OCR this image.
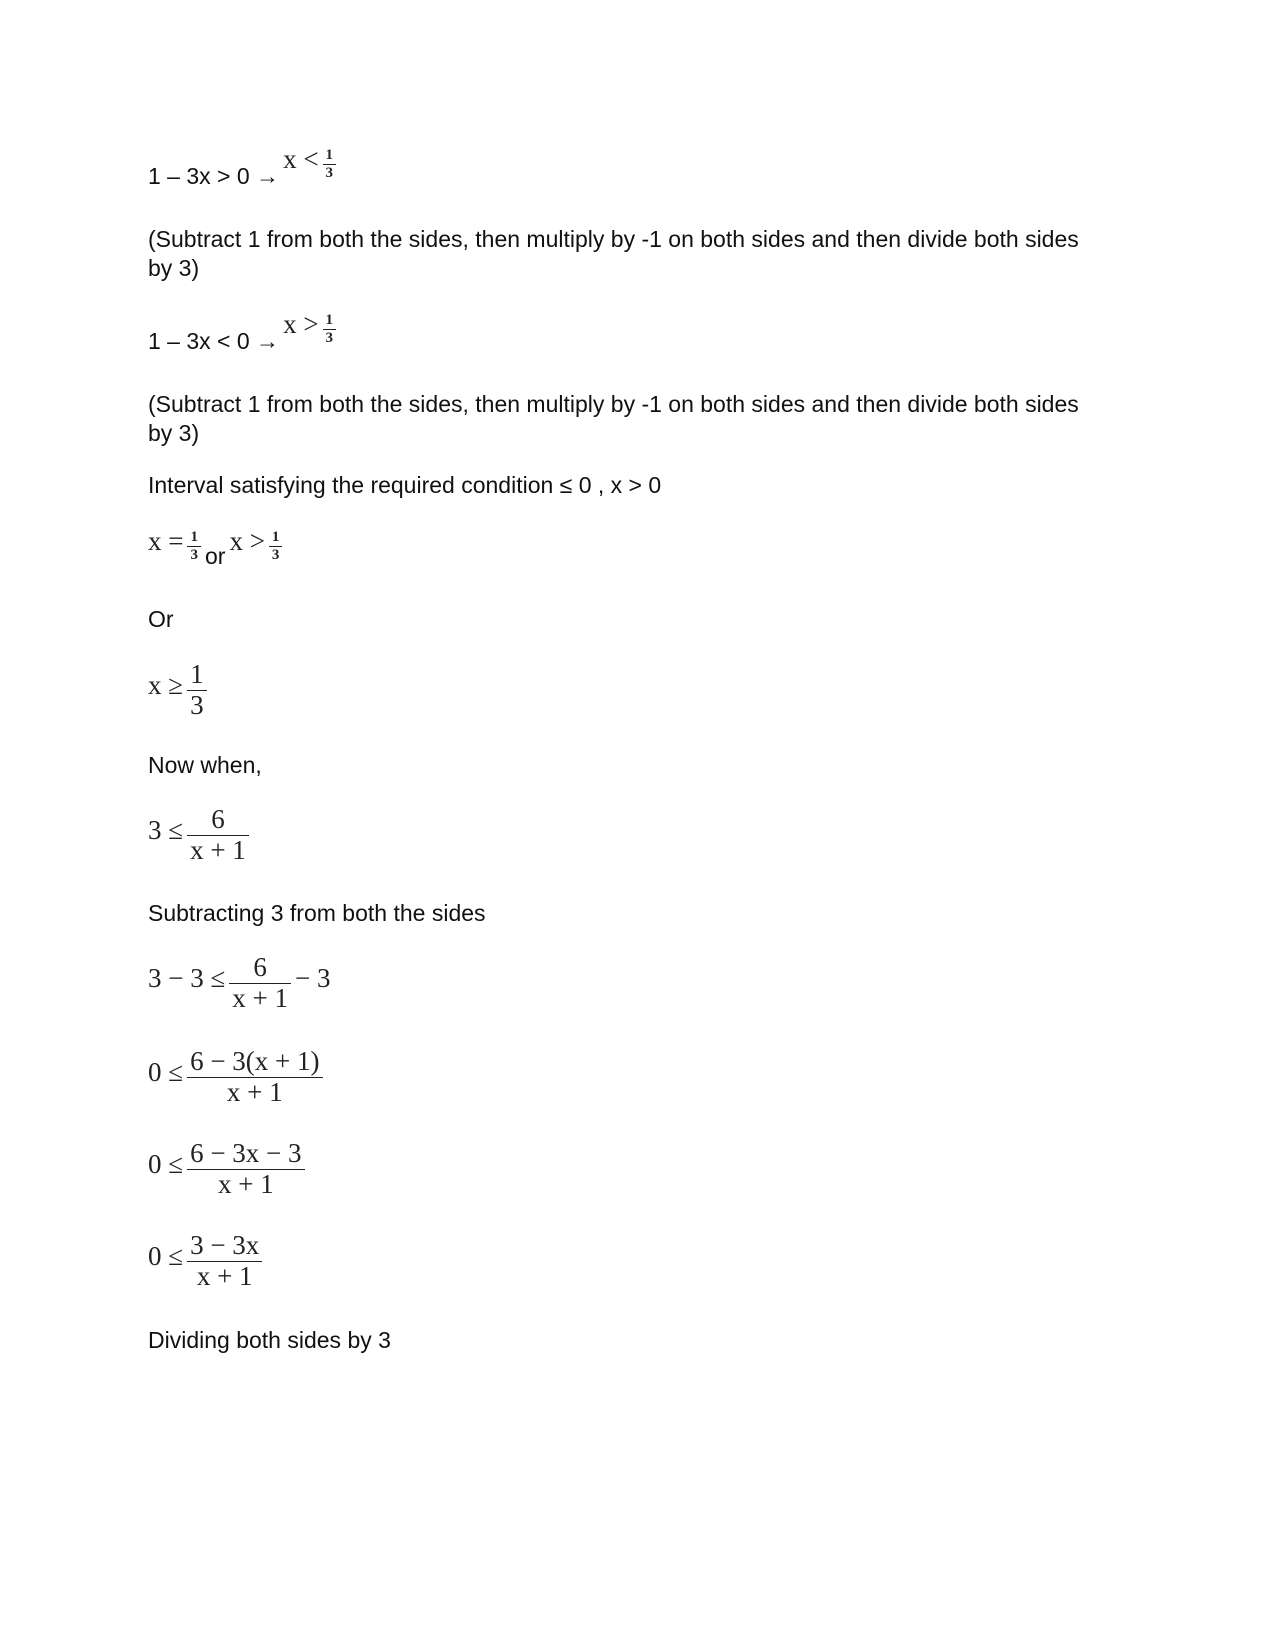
$1 - 3x > 0 \to x < \frac{1}{3}$
(Subtract 1 from both the sides, then multiply by -1 on both sides and then divide both sides by 3)
$1 - 3x < 0 \to x > \frac{1}{3}$
(Subtract 1 from both the sides, then multiply by -1 on both sides and then divide both sides by 3)
Interval satisfying the required condition ≤ 0 , x > 0
$x = \frac{1}{3}$ or $x > \frac{1}{3}$
Or
$x \ge \frac{1}{3}$
Now when,
$3 \le \frac{6}{x + 1}$
Subtracting 3 from both the sides
$3 - 3 \le \frac{6}{x + 1} - 3$
$0 \le \frac{6 - 3(x + 1)}{x + 1}$
$0 \le \frac{6 - 3x - 3}{x + 1}$
$0 \le \frac{3 - 3x}{x + 1}$
Dividing both sides by 3
